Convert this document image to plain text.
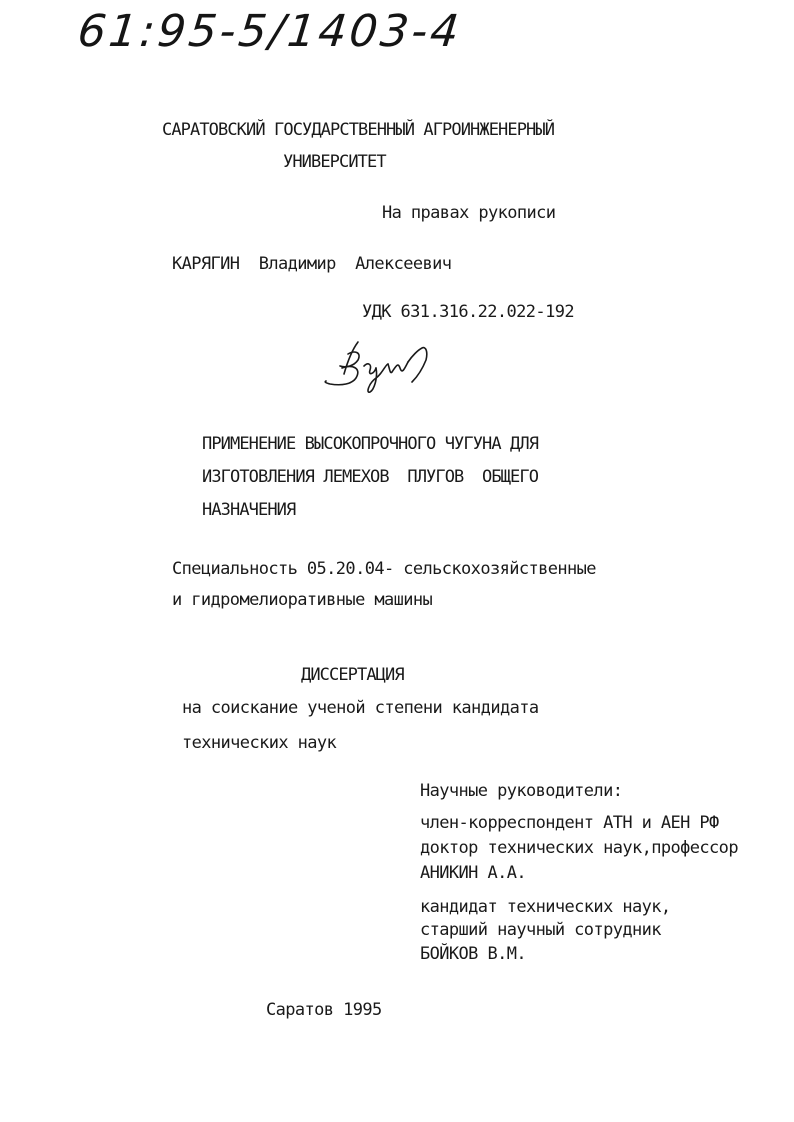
61:95-5/1403-4
САРАТОВСКИЙ ГОСУДАРСТВЕННЫЙ АГРОИНЖЕНЕРНЫЙ
УНИВЕРСИТЕТ
На правах рукописи
КАРЯГИН  Владимир  Алексеевич
УДК 631.316.22.022-192
ПРИМЕНЕНИЕ ВЫСОКОПРОЧНОГО ЧУГУНА ДЛЯ
ИЗГОТОВЛЕНИЯ ЛЕМЕХОВ  ПЛУГОВ  ОБЩЕГО
НАЗНАЧЕНИЯ
Специальность 05.20.04- сельскохозяйственные
и гидромелиоративные машины
ДИССЕРТАЦИЯ
на соискание ученой степени кандидата
технических наук
Научные руководители:
член-корреспондент АТН и АЕН РФ
доктор технических наук,профессор
АНИКИН А.А.
кандидат технических наук,
старший научный сотрудник
БОЙКОВ В.М.
Саратов 1995
